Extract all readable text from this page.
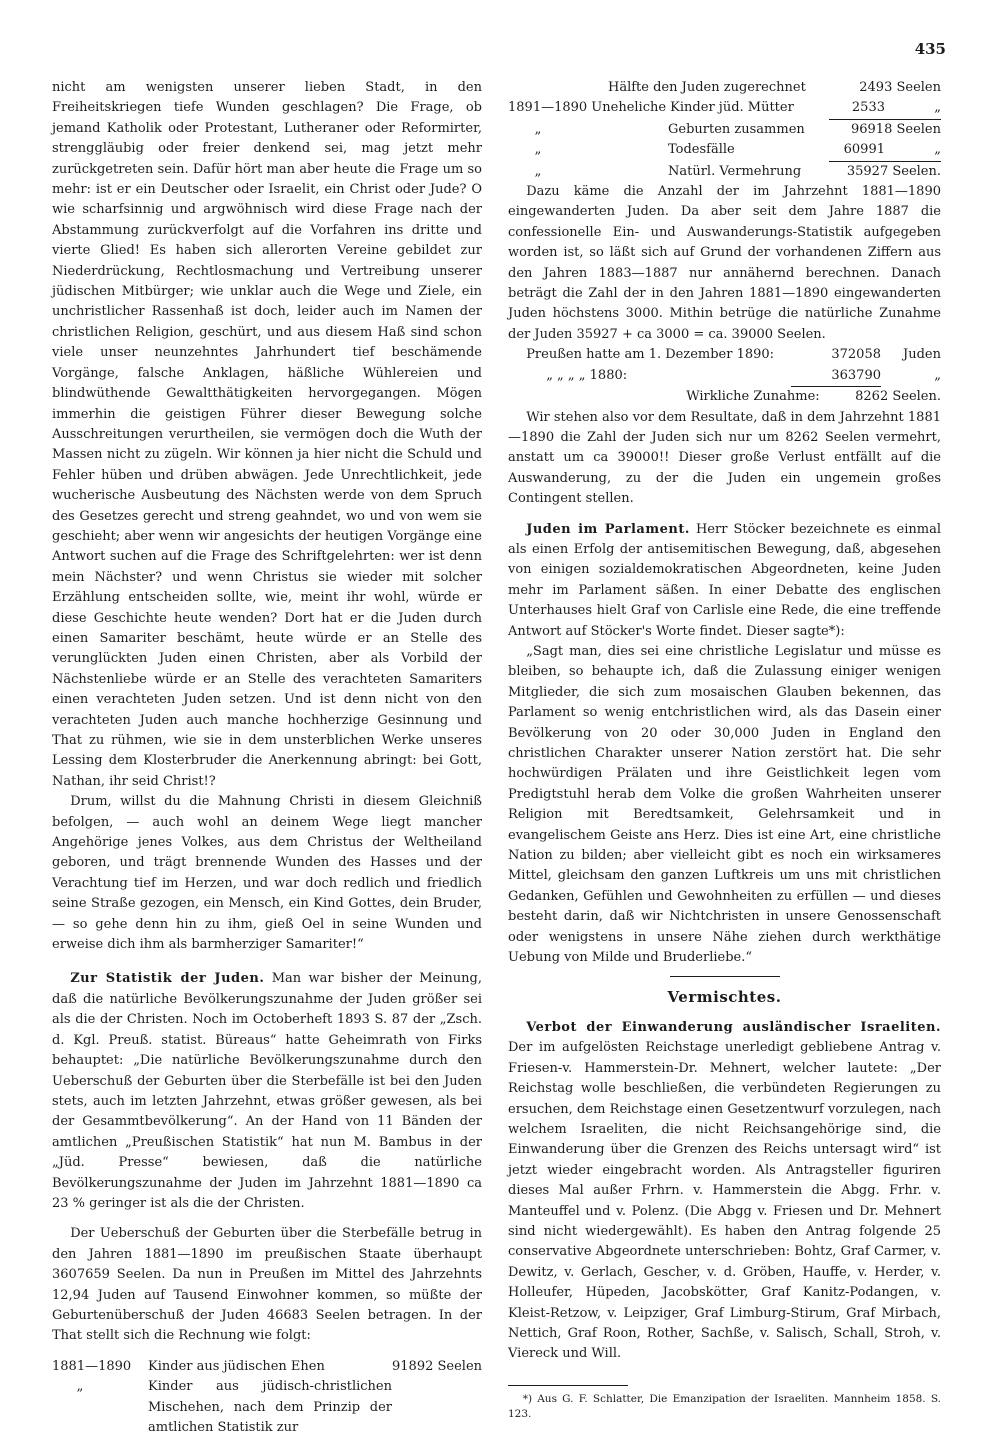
435

nicht am wenigsten unserer lieben Stadt, in den Freiheitskriegen tiefe Wunden geschlagen? Die Frage, ob jemand Katholik oder Protestant, Lutheraner oder Reformirter, strenggläubig oder freier denkend sei, mag jetzt mehr zurückgetreten sein. Dafür hört man aber heute die Frage um so mehr: ist er ein Deutscher oder Israelit, ein Christ oder Jude? O wie scharfsinnig und argwöhnisch wird diese Frage nach der Abstammung zurückverfolgt auf die Vorfahren ins dritte und vierte Glied! Es haben sich allerorten Vereine gebildet zur Niederdrückung, Rechtlosmachung und Vertreibung unserer jüdischen Mitbürger; wie unklar auch die Wege und Ziele, ein unchristlicher Rassenhaß ist doch, leider auch im Namen der christlichen Religion, geschürt, und aus diesem Haß sind schon viele unser neunzehntes Jahrhundert tief beschämende Vorgänge, falsche Anklagen, häßliche Wühlereien und blindwüthende Gewaltthätigkeiten hervorgegangen. Mögen immerhin die geistigen Führer dieser Bewegung solche Ausschreitungen verurtheilen, sie vermögen doch die Wuth der Massen nicht zu zügeln. Wir können ja hier nicht die Schuld und Fehler hüben und drüben abwägen. Jede Unrechtlichkeit, jede wucherische Ausbeutung des Nächsten werde von dem Spruch des Gesetzes gerecht und streng geahndet, wo und von wem sie geschieht; aber wenn wir angesichts der heutigen Vorgänge eine Antwort suchen auf die Frage des Schriftgelehrten: wer ist denn mein Nächster? und wenn Christus sie wieder mit solcher Erzählung entscheiden sollte, wie, meint ihr wohl, würde er diese Geschichte heute wenden? Dort hat er die Juden durch einen Samariter beschämt, heute würde er an Stelle des verunglückten Juden einen Christen, aber als Vorbild der Nächstenliebe würde er an Stelle des verachteten Samariters einen verachteten Juden setzen. Und ist denn nicht von den verachteten Juden auch manche hochherzige Gesinnung und That zu rühmen, wie sie in dem unsterblichen Werke unseres Lessing dem Klosterbruder die Anerkennung abringt: bei Gott, Nathan, ihr seid Christ!?

Drum, willst du die Mahnung Christi in diesem Gleichniß befolgen, — auch wohl an deinem Wege liegt mancher Angehörige jenes Volkes, aus dem Christus der Weltheiland geboren, und trägt brennende Wunden des Hasses und der Verachtung tief im Herzen, und war doch redlich und friedlich seine Straße gezogen, ein Mensch, ein Kind Gottes, dein Bruder, — so gehe denn hin zu ihm, gieß Oel in seine Wunden und erweise dich ihm als barmherziger Samariter!“

Zur Statistik der Juden. Man war bisher der Meinung, daß die natürliche Bevölkerungszunahme der Juden größer sei als die der Christen. Noch im Octoberheft 1893 S. 87 der „Zsch. d. Kgl. Preuß. statist. Büreaus“ hatte Geheimrath von Firks behauptet: „Die natürliche Bevölkerungszunahme durch den Ueberschuß der Geburten über die Sterbefälle ist bei den Juden stets, auch im letzten Jahrzehnt, etwas größer gewesen, als bei der Gesammtbevölkerung“. An der Hand von 11 Bänden der amtlichen „Preußischen Statistik“ hat nun M. Bambus in der „Jüd. Presse“ bewiesen, daß die natürliche Bevölkerungszunahme der Juden im Jahrzehnt 1881—1890 ca 23 % geringer ist als die der Christen.

Der Ueberschuß der Geburten über die Sterbefälle betrug in den Jahren 1881—1890 im preußischen Staate überhaupt 3607659 Seelen. Da nun in Preußen im Mittel des Jahrzehnts 12,94 Juden auf Tausend Einwohner kommen, so müßte der Geburtenüberschuß der Juden 46683 Seelen betragen. In der That stellt sich die Rechnung wie folgt:

1881—1890	Kinder aus jüdischen Ehen	91892 Seelen
„	Kinder aus jüdisch-christlichen Mischehen, nach dem Prinzip der amtlichen Statistik zur
Hälfte den Juden zugerechnet	2493 Seelen
1891—1890 Uneheliche Kinder jüd. Mütter	2533	„
„	Geburten zusammen	96918 Seelen
„	Todesfälle	60991	„
„	Natürl. Vermehrung	35927 Seelen.

Dazu käme die Anzahl der im Jahrzehnt 1881—1890 eingewanderten Juden. Da aber seit dem Jahre 1887 die confessionelle Ein- und Auswanderungs-Statistik aufgegeben worden ist, so läßt sich auf Grund der vorhandenen Ziffern aus den Jahren 1883—1887 nur annähernd berechnen. Danach beträgt die Zahl der in den Jahren 1881—1890 eingewanderten Juden höchstens 3000. Mithin betrüge die natürliche Zunahme der Juden 35927 + ca 3000 = ca. 39000 Seelen.

Preußen hatte am 1. Dezember 1890:	372058	Juden
„ „ „ „ 1880:	363790	„
Wirkliche Zunahme:	8262 Seelen.

Wir stehen also vor dem Resultate, daß in dem Jahrzehnt 1881—1890 die Zahl der Juden sich nur um 8262 Seelen vermehrt, anstatt um ca 39000!! Dieser große Verlust entfällt auf die Auswanderung, zu der die Juden ein ungemein großes Contingent stellen.

Juden im Parlament. Herr Stöcker bezeichnete es einmal als einen Erfolg der antisemitischen Bewegung, daß, abgesehen von einigen sozialdemokratischen Abgeordneten, keine Juden mehr im Parlament säßen. In einer Debatte des englischen Unterhauses hielt Graf von Carlisle eine Rede, die eine treffende Antwort auf Stöcker's Worte findet. Dieser sagte*):

„Sagt man, dies sei eine christliche Legislatur und müsse es bleiben, so behaupte ich, daß die Zulassung einiger wenigen Mitglieder, die sich zum mosaischen Glauben bekennen, das Parlament so wenig entchristlichen wird, als das Dasein einer Bevölkerung von 20 oder 30,000 Juden in England den christlichen Charakter unserer Nation zerstört hat. Die sehr hochwürdigen Prälaten und ihre Geistlichkeit legen vom Predigtstuhl herab dem Volke die großen Wahrheiten unserer Religion mit Beredtsamkeit, Gelehrsamkeit und in evangelischem Geiste ans Herz. Dies ist eine Art, eine christliche Nation zu bilden; aber vielleicht gibt es noch ein wirksameres Mittel, gleichsam den ganzen Luftkreis um uns mit christlichen Gedanken, Gefühlen und Gewohnheiten zu erfüllen — und dieses besteht darin, daß wir Nichtchristen in unsere Genossenschaft oder wenigstens in unsere Nähe ziehen durch werkthätige Uebung von Milde und Bruderliebe.“

Vermischtes.

Verbot der Einwanderung ausländischer Israeliten. Der im aufgelösten Reichstage unerledigt gebliebene Antrag v. Friesen-v. Hammerstein-Dr. Mehnert, welcher lautete: „Der Reichstag wolle beschließen, die verbündeten Regierungen zu ersuchen, dem Reichstage einen Gesetzentwurf vorzulegen, nach welchem Israeliten, die nicht Reichsangehörige sind, die Einwanderung über die Grenzen des Reichs untersagt wird“ ist jetzt wieder eingebracht worden. Als Antragsteller figuriren dieses Mal außer Frhrn. v. Hammerstein die Abgg. Frhr. v. Manteuffel und v. Polenz. (Die Abgg v. Friesen und Dr. Mehnert sind nicht wiedergewählt). Es haben den Antrag folgende 25 conservative Abgeordnete unterschrieben: Bohtz, Graf Carmer, v. Dewitz, v. Gerlach, Gescher, v. d. Gröben, Hauffe, v. Herder, v. Holleufer, Hüpeden, Jacobskötter, Graf Kanitz-Podangen, v. Kleist-Retzow, v. Leipziger, Graf Limburg-Stirum, Graf Mirbach, Nettich, Graf Roon, Rother, Sachße, v. Salisch, Schall, Stroh, v. Viereck und Will.

*) Aus G. F. Schlatter, Die Emanzipation der Israeliten. Mannheim 1858. S. 123.
